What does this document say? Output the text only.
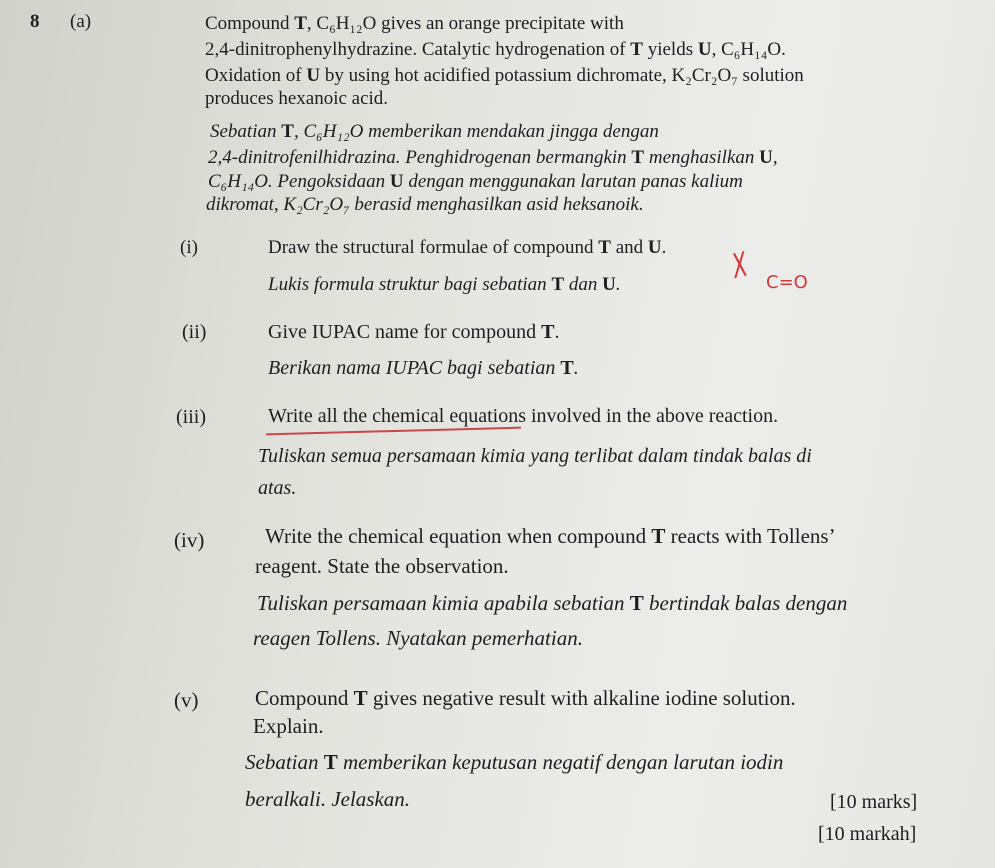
8 (a)	Compound T, C₆H₁₂O gives an orange precipitate with
2,4-dinitrophenylhydrazine. Catalytic hydrogenation of T yields U, C₆H₁₄O.
Oxidation of U by using hot acidified potassium dichromate, K₂Cr₂O₇ solution
produces hexanoic acid.
Sebatian T, C₆H₁₂O memberikan mendakan jingga dengan
2,4-dinitrofenilhidrazina. Penghidrogenan bermangkin T menghasilkan U,
C₆H₁₄O. Pengoksidaan U dengan menggunakan larutan panas kalium
dikromat, K₂Cr₂O₇ berasid menghasilkan asid heksanoik.
(i)	Draw the structural formulae of compound T and U.
Lukis formula struktur bagi sebatian T dan U.
(ii)	Give IUPAC name for compound T.
Berikan nama IUPAC bagi sebatian T.
(iii)	Write all the chemical equations involved in the above reaction.
Tuliskan semua persamaan kimia yang terlibat dalam tindak balas di
atas.
(iv)	Write the chemical equation when compound T reacts with Tollens’
reagent. State the observation.
Tuliskan persamaan kimia apabila sebatian T bertindak balas dengan
reagen Tollens. Nyatakan pemerhatian.
(v)	Compound T gives negative result with alkaline iodine solution.
Explain.
Sebatian T memberikan keputusan negatif dengan larutan iodin
beralkali. Jelaskan.	[10 marks]
[10 markah]
X C=O
